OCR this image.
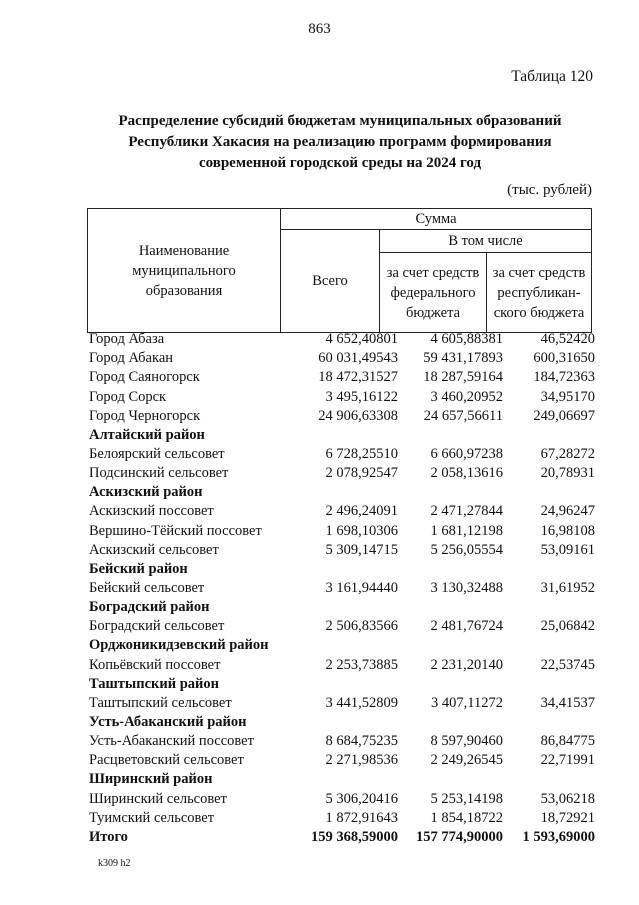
863
Таблица 120
Распределение субсидий бюджетам муниципальных образований
Республики Хакасия на реализацию программ формирования
современной городской среды на 2024 год
(тыс. рублей)
Наименование муниципального образования	Сумма		
	Всего	В том числе	
		за счет средств федерального бюджета	за счет средств республикан-ского бюджета
Город Абаза	4 652,40801	4 605,88381	46,52420
Город Абакан	60 031,49543	59 431,17893	600,31650
Город Саяногорск	18 472,31527	18 287,59164	184,72363
Город Сорск	3 495,16122	3 460,20952	34,95170
Город Черногорск	24 906,63308	24 657,56611	249,06697
Алтайский район
Белоярский сельсовет	6 728,25510	6 660,97238	67,28272
Подсинский сельсовет	2 078,92547	2 058,13616	20,78931
Аскизский район
Аскизский поссовет	2 496,24091	2 471,27844	24,96247
Вершино-Тёйский поссовет	1 698,10306	1 681,12198	16,98108
Аскизский сельсовет	5 309,14715	5 256,05554	53,09161
Бейский район
Бейский сельсовет	3 161,94440	3 130,32488	31,61952
Боградский район
Боградский сельсовет	2 506,83566	2 481,76724	25,06842
Орджоникидзевский район
Копьёвский поссовет	2 253,73885	2 231,20140	22,53745
Таштыпский район
Таштыпский сельсовет	3 441,52809	3 407,11272	34,41537
Усть-Абаканский район
Усть-Абаканский поссовет	8 684,75235	8 597,90460	86,84775
Расцветовский сельсовет	2 271,98536	2 249,26545	22,71991
Ширинский район
Ширинский сельсовет	5 306,20416	5 253,14198	53,06218
Туимский сельсовет	1 872,91643	1 854,18722	18,72921
Итого	159 368,59000	157 774,90000	1 593,69000
k309 h2
